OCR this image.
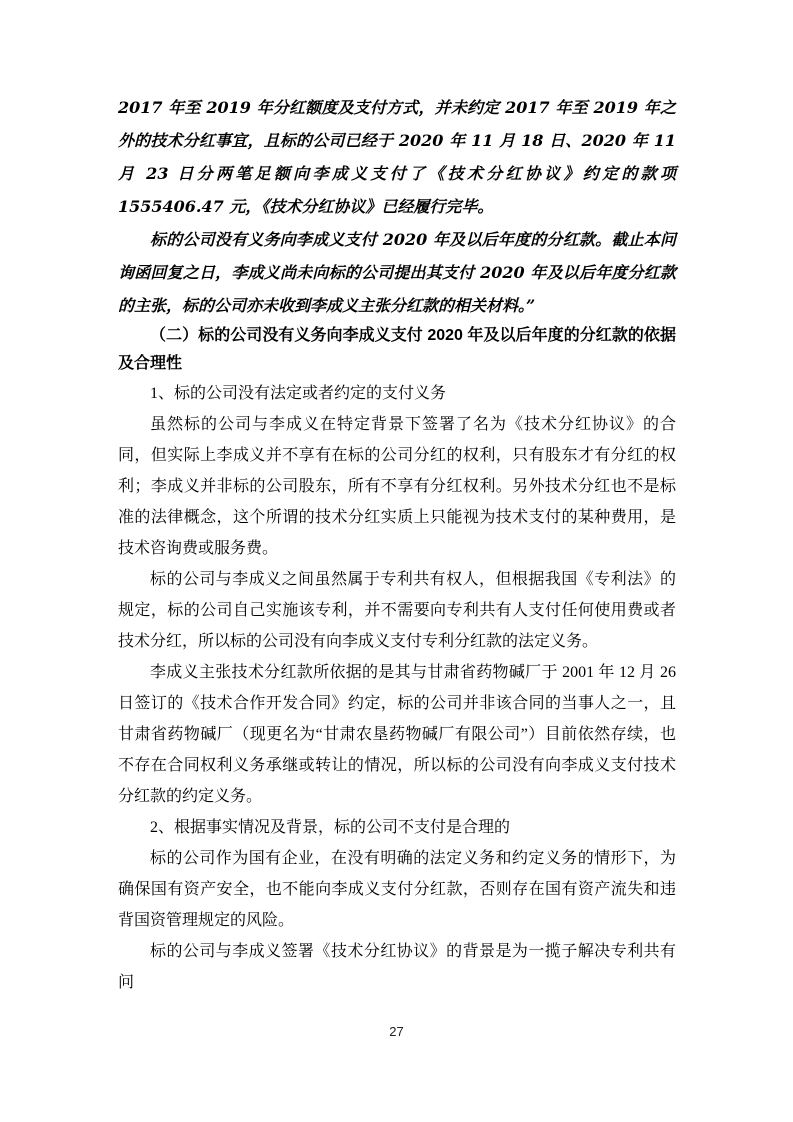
2017 年至 2019 年分红额度及支付方式，并未约定 2017 年至 2019 年之外的技术分红事宜，且标的公司已经于 2020 年 11 月 18 日、2020 年 11 月 23 日分两笔足额向李成义支付了《技术分红协议》约定的款项 1555406.47 元，《技术分红协议》已经履行完毕。

标的公司没有义务向李成义支付 2020 年及以后年度的分红款。截止本问询函回复之日，李成义尚未向标的公司提出其支付 2020 年及以后年度分红款的主张，标的公司亦未收到李成义主张分红款的相关材料。”

（二）标的公司没有义务向李成义支付 2020 年及以后年度的分红款的依据及合理性

1、标的公司没有法定或者约定的支付义务

虽然标的公司与李成义在特定背景下签署了名为《技术分红协议》的合同，但实际上李成义并不享有在标的公司分红的权利，只有股东才有分红的权利；李成义并非标的公司股东，所有不享有分红权利。另外技术分红也不是标准的法律概念，这个所谓的技术分红实质上只能视为技术支付的某种费用，是技术咨询费或服务费。

标的公司与李成义之间虽然属于专利共有权人，但根据我国《专利法》的规定，标的公司自己实施该专利，并不需要向专利共有人支付任何使用费或者技术分红，所以标的公司没有向李成义支付专利分红款的法定义务。

李成义主张技术分红款所依据的是其与甘肃省药物碱厂于 2001 年 12 月 26 日签订的《技术合作开发合同》约定，标的公司并非该合同的当事人之一，且甘肃省药物碱厂（现更名为“甘肃农垦药物碱厂有限公司”）目前依然存续，也不存在合同权利义务承继或转让的情况，所以标的公司没有向李成义支付技术分红款的约定义务。

2、根据事实情况及背景，标的公司不支付是合理的

标的公司作为国有企业，在没有明确的法定义务和约定义务的情形下，为确保国有资产安全，也不能向李成义支付分红款，否则存在国有资产流失和违背国资管理规定的风险。

标的公司与李成义签署《技术分红协议》的背景是为一揽子解决专利共有问

27
